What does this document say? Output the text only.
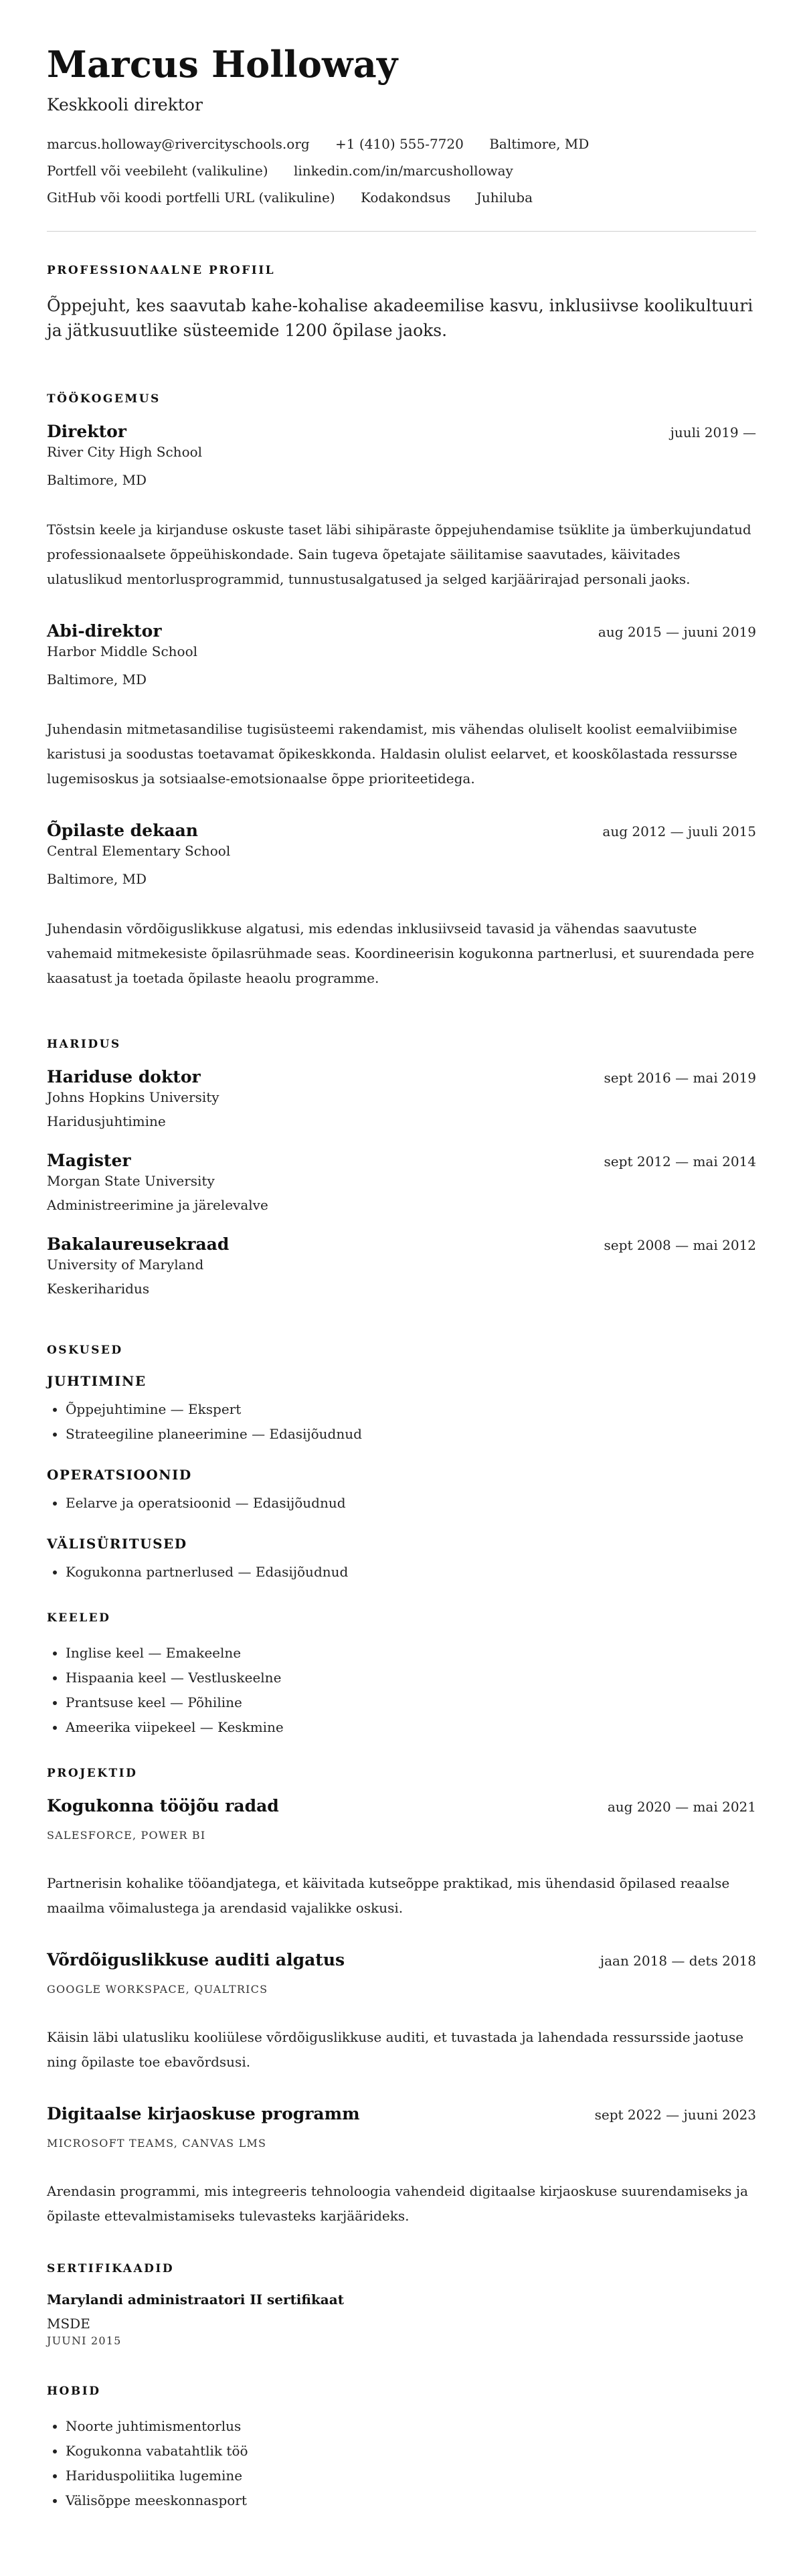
Marcus Holloway
Keskkooli direktor
marcus.holloway@rivercityschools.org +1 (410) 555-7720 Baltimore, MD
Portfell või veebileht (valikuline) linkedin.com/in/marcusholloway
GitHub või koodi portfelli URL (valikuline) Kodakondsus Juhiluba
PROFESSIONAALNE PROFIIL
Õppejuht, kes saavutab kahe-kohalise akadeemilise kasvu, inklusiivse koolikultuuri ja jätkusuutlike süsteemide 1200 õpilase jaoks.
TÖÖKOGEMUS
Direktor	juuli 2019 —
River City High School
Baltimore, MD
Tõstsin keele ja kirjanduse oskuste taset läbi sihipäraste õppejuhendamise tsüklite ja ümberkujundatud professionaalsete õppeühiskondade. Sain tugeva õpetajate säilitamise saavutades, käivitades ulatuslikud mentorlusprogrammid, tunnustusalgatused ja selged karjäärirajad personali jaoks.
Abi-direktor	aug 2015 — juuni 2019
Harbor Middle School
Baltimore, MD
Juhendasin mitmetasandilise tugisüsteemi rakendamist, mis vähendas oluliselt koolist eemalviibimise karistusi ja soodustas toetavamat õpikeskkonda. Haldasin olulist eelarvet, et kooskõlastada ressursse lugemisoskus ja sotsiaalse-emotsionaalse õppe prioriteetidega.
Õpilaste dekaan	aug 2012 — juuli 2015
Central Elementary School
Baltimore, MD
Juhendasin võrdõiguslikkuse algatusi, mis edendas inklusiivseid tavasid ja vähendas saavutuste vahemaid mitmekesiste õpilasrühmade seas. Koordineerisin kogukonna partnerlusi, et suurendada pere kaasatust ja toetada õpilaste heaolu programme.
HARIDUS
Hariduse doktor	sept 2016 — mai 2019
Johns Hopkins University
Haridusjuhtimine
Magister	sept 2012 — mai 2014
Morgan State University
Administreerimine ja järelevalve
Bakalaureusekraad	sept 2008 — mai 2012
University of Maryland
Keskeriharidus
OSKUSED
JUHTIMINE
• Õppejuhtimine — Ekspert
• Strateegiline planeerimine — Edasijõudnud
OPERATSIOONID
• Eelarve ja operatsioonid — Edasijõudnud
VÄLISÜRITUSED
• Kogukonna partnerlused — Edasijõudnud
KEELED
• Inglise keel — Emakeelne
• Hispaania keel — Vestluskeelne
• Prantsuse keel — Põhiline
• Ameerika viipekeel — Keskmine
PROJEKTID
Kogukonna tööjõu radad	aug 2020 — mai 2021
SALESFORCE, POWER BI
Partnerisin kohalike tööandjatega, et käivitada kutseõppe praktikad, mis ühendasid õpilased reaalse maailma võimalustega ja arendasid vajalikke oskusi.
Võrdõiguslikkuse auditi algatus	jaan 2018 — dets 2018
GOOGLE WORKSPACE, QUALTRICS
Käisin läbi ulatusliku kooliülese võrdõiguslikkuse auditi, et tuvastada ja lahendada ressursside jaotuse ning õpilaste toe ebavõrdsusi.
Digitaalse kirjaoskuse programm	sept 2022 — juuni 2023
MICROSOFT TEAMS, CANVAS LMS
Arendasin programmi, mis integreeris tehnoloogia vahendeid digitaalse kirjaoskuse suurendamiseks ja õpilaste ettevalmistamiseks tulevasteks karjäärideks.
SERTIFIKAADID
Marylandi administraatori II sertifikaat
MSDE
JUUNI 2015
HOBID
• Noorte juhtimismentorlus
• Kogukonna vabatahtlik töö
• Hariduspoliitika lugemine
• Välisõppe meeskonnasport
